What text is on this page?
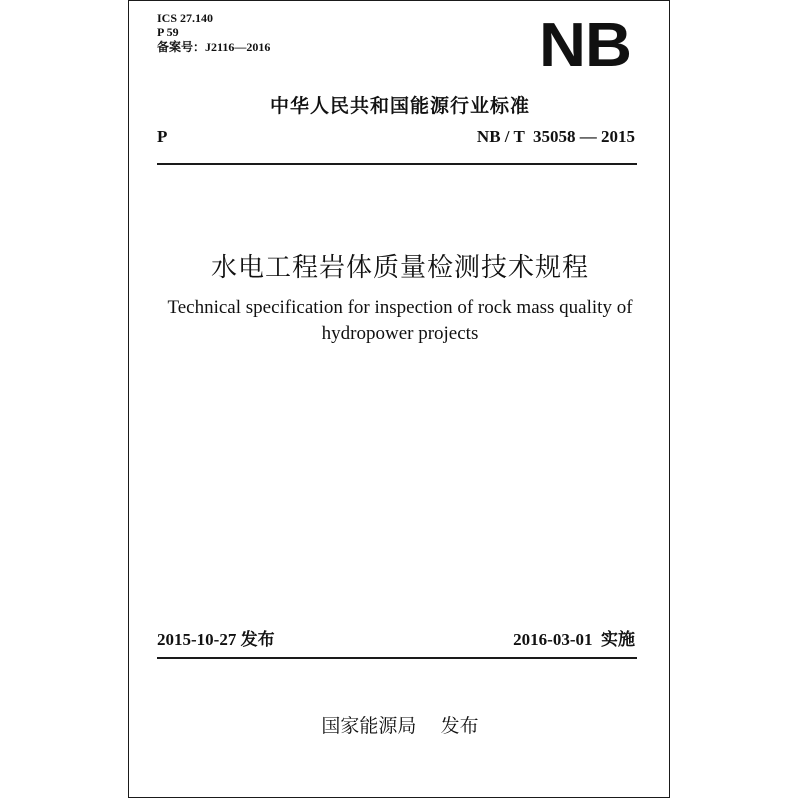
ICS 27.140
P 59
备案号：J2116—2016	NB
中华人民共和国能源行业标准
P	NB / T  35058 — 2015
水电工程岩体质量检测技术规程
Technical specification for inspection of rock mass quality of
hydropower projects
2015-10-27 发布	2016-03-01  实施
国家能源局    发布
